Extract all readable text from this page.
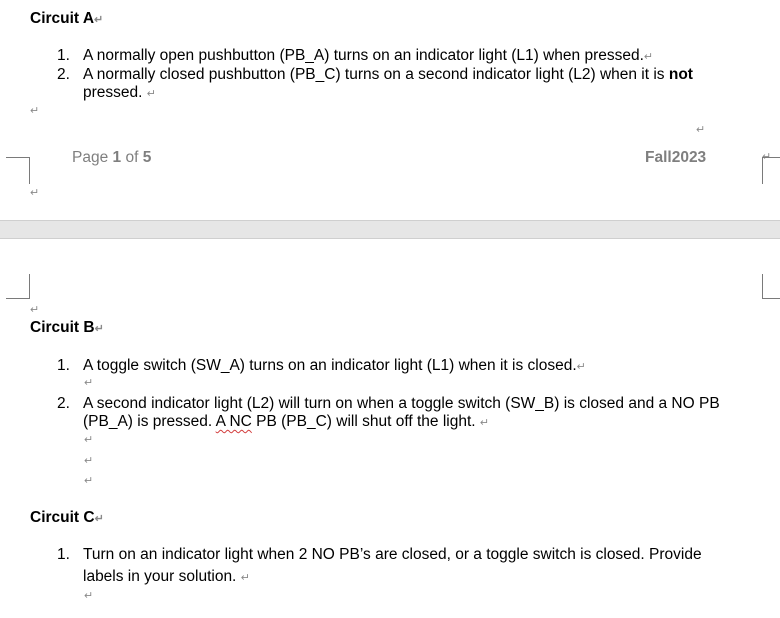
Circuit A↵
1. A normally open pushbutton (PB_A) turns on an indicator light (L1) when pressed.↵
2. A normally closed pushbutton (PB_C) turns on a second indicator light (L2) when it is not
pressed. ↵
↵
↵
Page 1 of 5	Fall2023	↵
↵
↵
Circuit B↵
1. A toggle switch (SW_A) turns on an indicator light (L1) when it is closed.↵
↵
2. A second indicator light (L2) will turn on when a toggle switch (SW_B) is closed and a NO PB
(PB_A) is pressed. A NC PB (PB_C) will shut off the light. ↵
↵
↵
↵
Circuit C↵
1. Turn on an indicator light when 2 NO PB’s are closed, or a toggle switch is closed. Provide
labels in your solution. ↵
↵
